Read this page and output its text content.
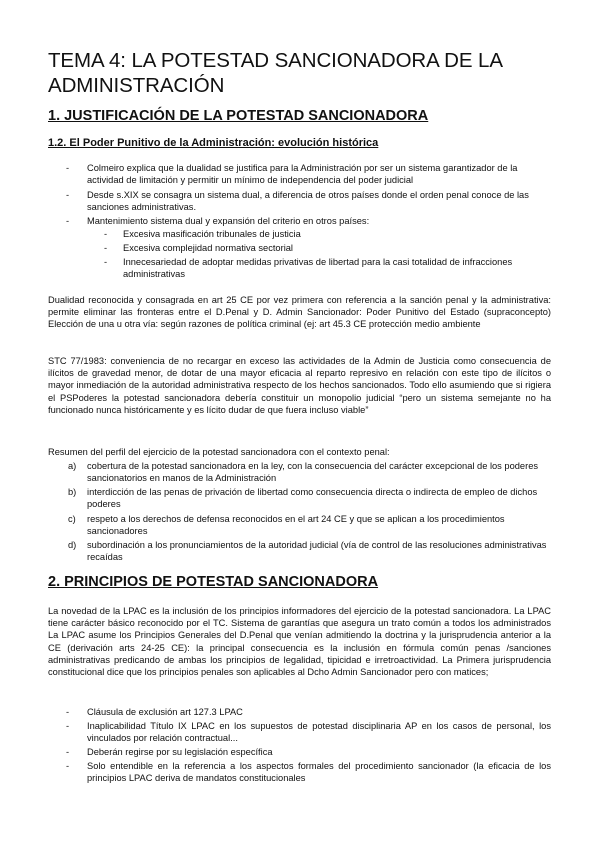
TEMA 4: LA POTESTAD SANCIONADORA DE LA ADMINISTRACIÓN
1. JUSTIFICACIÓN DE LA POTESTAD SANCIONADORA
1.2. El Poder Punitivo de la Administración: evolución histórica
- Colmeiro explica que la dualidad se justifica para la Administración por ser un sistema garantizador de la actividad de limitación y permitir un mínimo de independencia del poder judicial
- Desde s.XIX se consagra un sistema dual, a diferencia de otros países donde el orden penal conoce de las sanciones administrativas.
- Mantenimiento sistema dual y expansión del criterio en otros países:
- Excesiva masificación tribunales de justicia
- Excesiva complejidad normativa sectorial
- Innecesariedad de adoptar medidas privativas de libertad para la casi totalidad de infracciones administrativas
Dualidad reconocida y consagrada en art 25 CE por vez primera con referencia a la sanción penal y la administrativa: permite eliminar las fronteras entre el D.Penal y D. Admin Sancionador: Poder Punitivo del Estado (supraconcepto) Elección de una u otra vía: según razones de política criminal (ej: art 45.3 CE protección medio ambiente
STC 77/1983: conveniencia de no recargar en exceso las actividades de la Admin de Justicia como consecuencia de ilícitos de gravedad menor, de dotar de una mayor eficacia al reparto represivo en relación con este tipo de ilícitos o mayor inmediación de la autoridad administrativa respecto de los hechos sancionados. Todo ello asumiendo que si rigiera el PSPoderes la potestad sancionadora debería constituir un monopolio judicial “pero un sistema semejante no ha funcionado nunca históricamente y es lícito dudar de que fuera incluso viable”
Resumen del perfil del ejercicio de la potestad sancionadora con el contexto penal:
a) cobertura de la potestad sancionadora en la ley, con la consecuencia del carácter excepcional de los poderes sancionatorios en manos de la Administración
b) interdicción de las penas de privación de libertad como consecuencia directa o indirecta de empleo de dichos poderes
c) respeto a los derechos de defensa reconocidos en el art 24 CE y que se aplican a los procedimientos sancionadores
d) subordinación a los pronunciamientos de la autoridad judicial (vía de control de las resoluciones administrativas recaídas
2. PRINCIPIOS DE POTESTAD SANCIONADORA
La novedad de la LPAC es la inclusión de los principios informadores del ejercicio de la potestad sancionadora. La LPAC tiene carácter básico reconocido por el TC. Sistema de garantías que asegura un trato común a todos los administrados La LPAC asume los Principios Generales del D.Penal que venían admitiendo la doctrina y la jurisprudencia anterior a la CE (derivación arts 24-25 CE): la principal consecuencia es la inclusión en fórmula común penas /sanciones administrativas predicando de ambas los principios de legalidad, tipicidad e irretroactividad. La Primera jurisprudencia constitucional dice que los principios penales son aplicables al Dcho Admin Sancionador pero con matices;
- Cláusula de exclusión art 127.3 LPAC
- Inaplicabilidad Título IX LPAC en los supuestos de potestad disciplinaria AP en los casos de personal, los vinculados por relación contractual...
- Deberán regirse por su legislación específica
- Solo entendible en la referencia a los aspectos formales del procedimiento sancionador (la eficacia de los principios LPAC deriva de mandatos constitucionales
